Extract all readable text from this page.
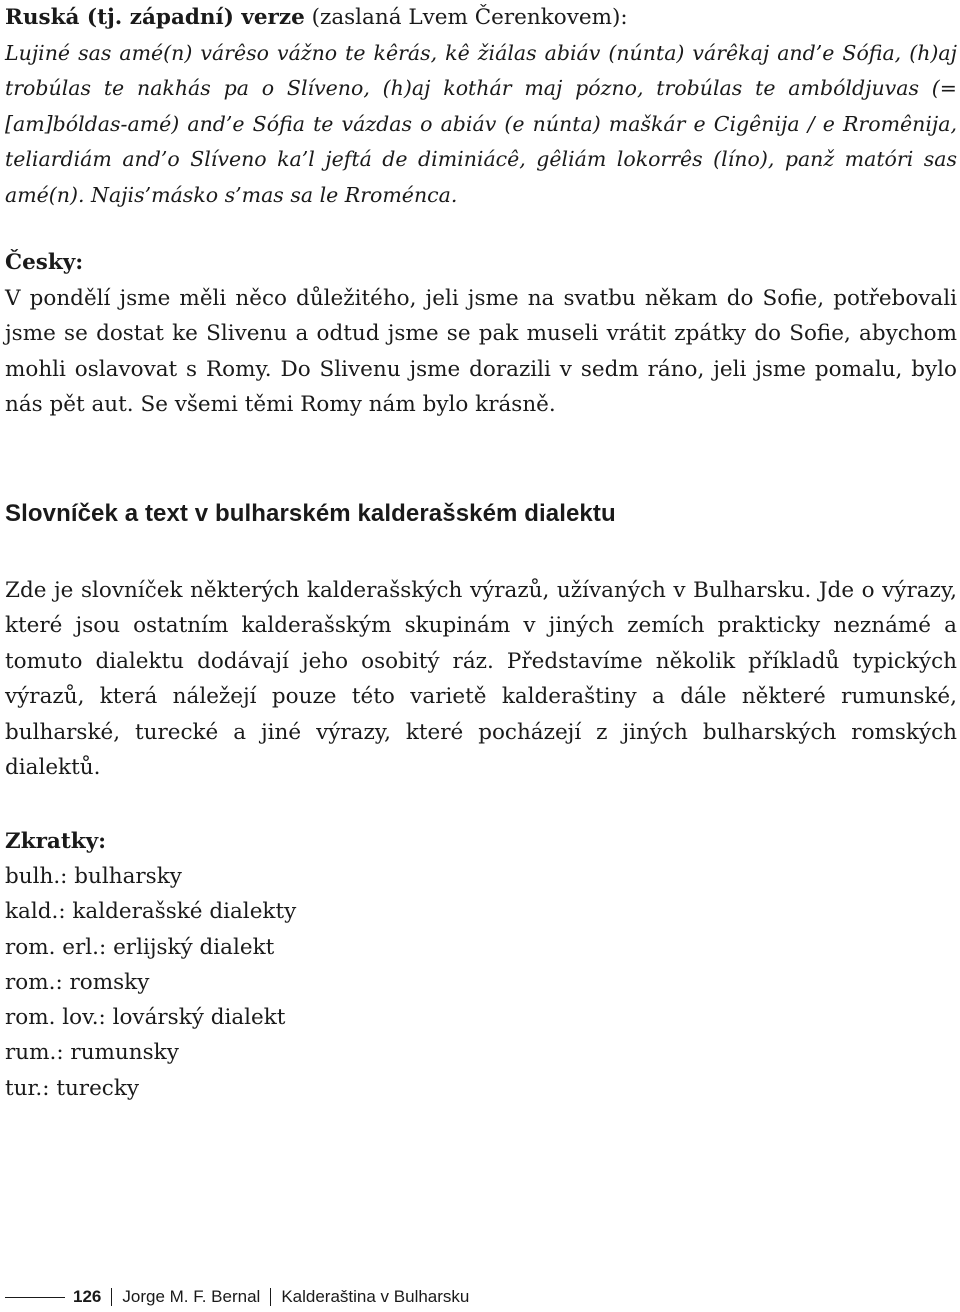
Ruská (tj. západní) verze (zaslaná Lvem Čerenkovem):

Lujiné sas amé(n) várêso vážno te kêrás, kê žiálas abiáv (núnta) várêkaj and’e Sófia, (h)aj trobúlas te nakhás pa o Slíveno, (h)aj kothár maj pózno, trobúlas te ambóldjuvas (=[am]bóldas-amé) and’e Sófia te vázdas o abiáv (e núnta) maškár e Cigênija / e Rromênija, teliardiám and’o Slíveno ka’l jeftá de diminiácê, gêliám lokorrês (líno), panž matóri sas amé(n). Najis’másko s’mas sa le Rroménca.

Česky:

V pondělí jsme měli něco důležitého, jeli jsme na svatbu někam do Sofie, potřebovali jsme se dostat ke Slivenu a odtud jsme se pak museli vrátit zpátky do Sofie, abychom mohli oslavovat s Romy. Do Slivenu jsme dorazili v sedm ráno, jeli jsme pomalu, bylo nás pět aut. Se všemi těmi Romy nám bylo krásně.

Slovníček a text v bulharském kalderašském dialektu

Zde je slovníček některých kalderašských výrazů, užívaných v Bulharsku. Jde o výrazy, které jsou ostatním kalderašským skupinám v jiných zemích prakticky neznámé a tomuto dialektu dodávají jeho osobitý ráz. Představíme několik příkladů typických výrazů, která náležejí pouze této varietě kalderaštiny a dále některé rumunské, bulharské, turecké a jiné výrazy, které pocházejí z jiných bulharských romských dialektů.

Zkratky:

bulh.: bulharsky
kald.: kalderašské dialekty
rom. erl.: erlijský dialekt
rom.: romsky
rom. lov.: lovárský dialekt
rum.: rumunsky
tur.: turecky
126 Jorge M. F. Bernal Kalderaština v Bulharsku
